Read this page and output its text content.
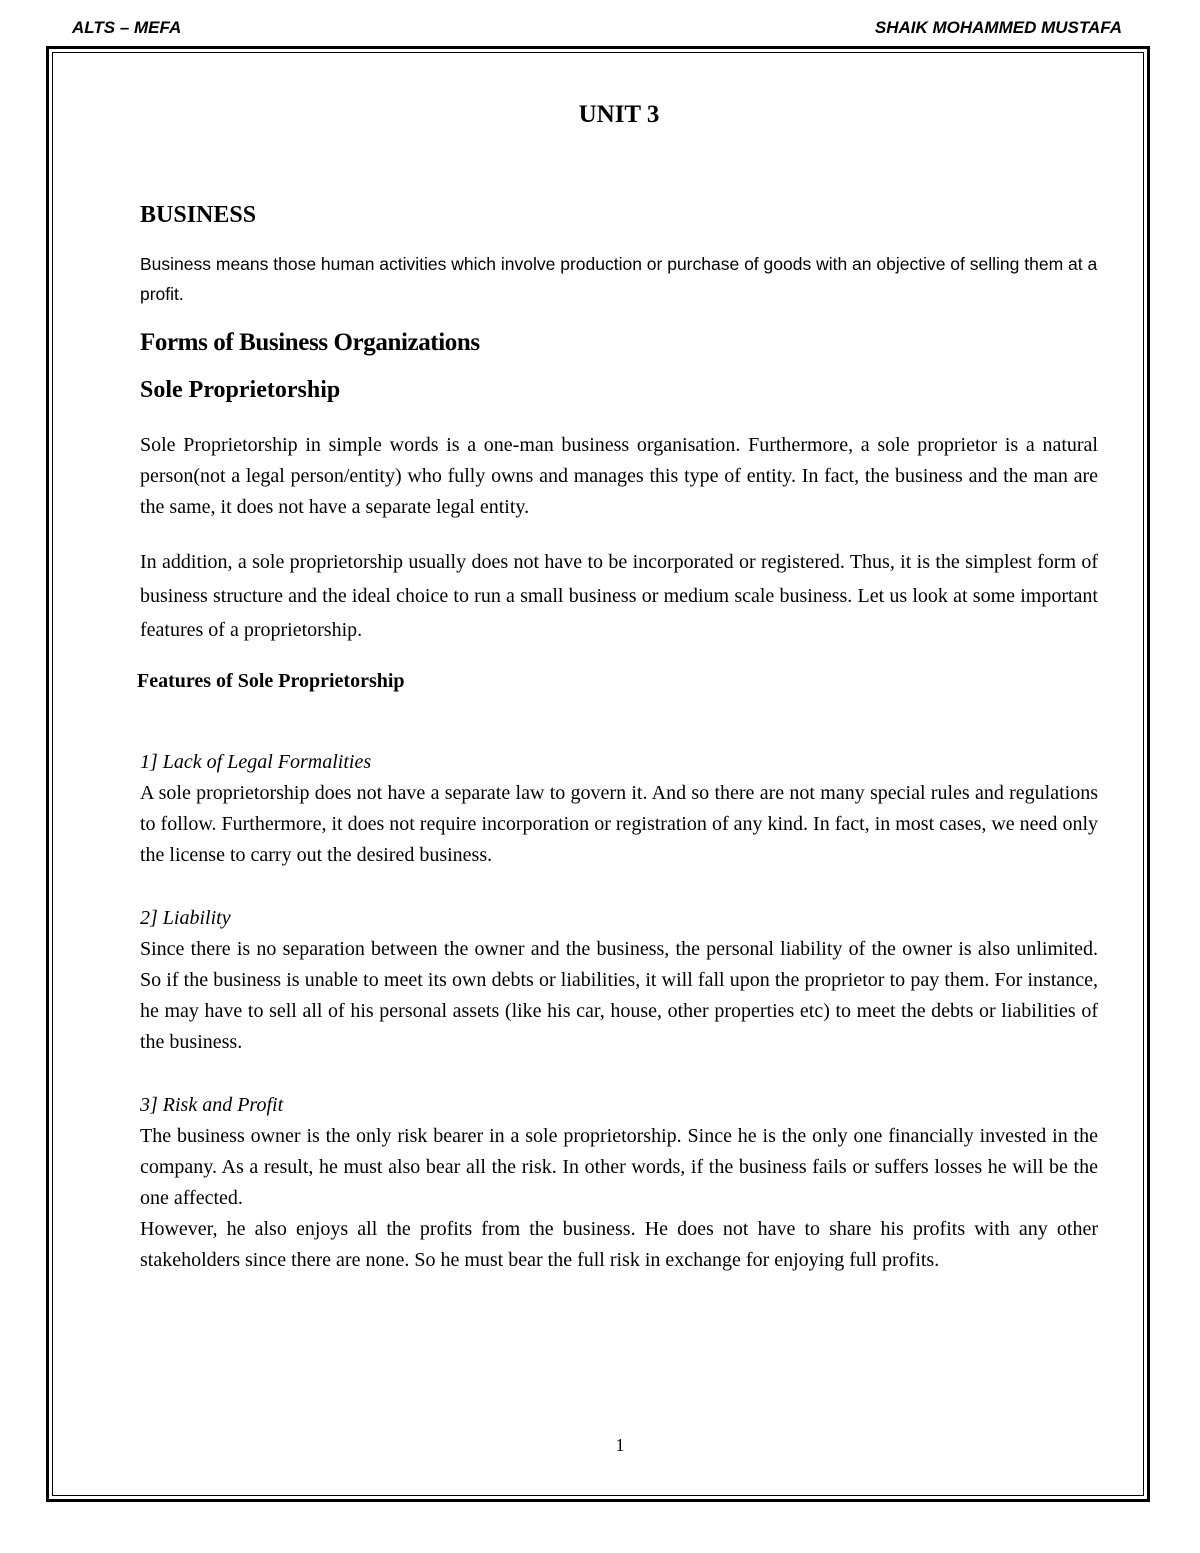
ALTS – MEFA	SHAIK MOHAMMED MUSTAFA
UNIT 3
BUSINESS

Business means those human activities which involve production or purchase of goods with an objective of selling them at a profit.

Forms of Business Organizations
Sole Proprietorship

Sole Proprietorship in simple words is a one-man business organisation. Furthermore, a sole proprietor is a natural person(not a legal person/entity) who fully owns and manages this type of entity. In fact, the business and the man are the same, it does not have a separate legal entity.

In addition, a sole proprietorship usually does not have to be incorporated or registered. Thus, it is the simplest form of business structure and the ideal choice to run a small business or medium scale business. Let us look at some important features of a proprietorship.

Features of Sole Proprietorship

1] Lack of Legal Formalities

A sole proprietorship does not have a separate law to govern it. And so there are not many special rules and regulations to follow. Furthermore, it does not require incorporation or registration of any kind. In fact, in most cases, we need only the license to carry out the desired business.

2] Liability

Since there is no separation between the owner and the business, the personal liability of the owner is also unlimited. So if the business is unable to meet its own debts or liabilities, it will fall upon the proprietor to pay them. For instance, he may have to sell all of his personal assets (like his car, house, other properties etc) to meet the debts or liabilities of the business.

3] Risk and Profit

The business owner is the only risk bearer in a sole proprietorship. Since he is the only one financially invested in the company. As a result, he must also bear all the risk. In other words, if the business fails or suffers losses he will be the one affected.

However, he also enjoys all the profits from the business. He does not have to share his profits with any other stakeholders since there are none. So he must bear the full risk in exchange for enjoying full profits.

1
